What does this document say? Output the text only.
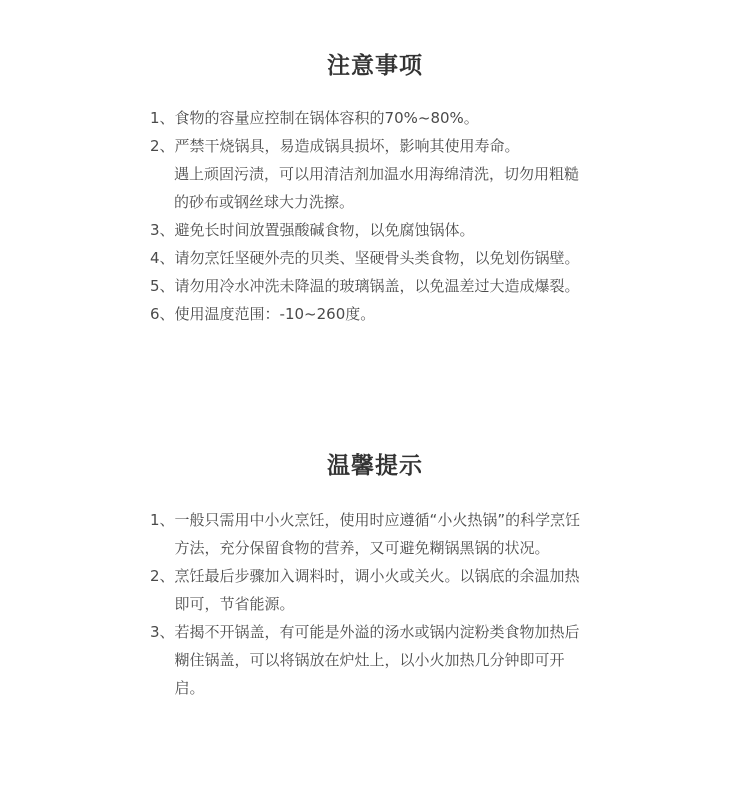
注意事项
1、 食物的容量应控制在锅体容积的70%~80%。
2、 严禁干烧锅具，易造成锅具损坏，影响其使用寿命。
遇上顽固污渍，可以用清洁剂加温水用海绵清洗，切勿用粗糙的砂布或钢丝球大力洗擦。
3、 避免长时间放置强酸碱食物，以免腐蚀锅体。
4、 请勿烹饪坚硬外壳的贝类、坚硬骨头类食物，以免划伤锅壁。
5、 请勿用冷水冲洗未降温的玻璃锅盖，以免温差过大造成爆裂。
6、 使用温度范围：-10~260度。
温馨提示
1、 一般只需用中小火烹饪，使用时应遵循“小火热锅”的科学烹饪方法，充分保留食物的营养，又可避免糊锅黑锅的状况。
2、 烹饪最后步骤加入调料时，调小火或关火。以锅底的余温加热即可，节省能源。
3、 若揭不开锅盖，有可能是外溢的汤水或锅内淀粉类食物加热后糊住锅盖，可以将锅放在炉灶上，以小火加热几分钟即可开启。
